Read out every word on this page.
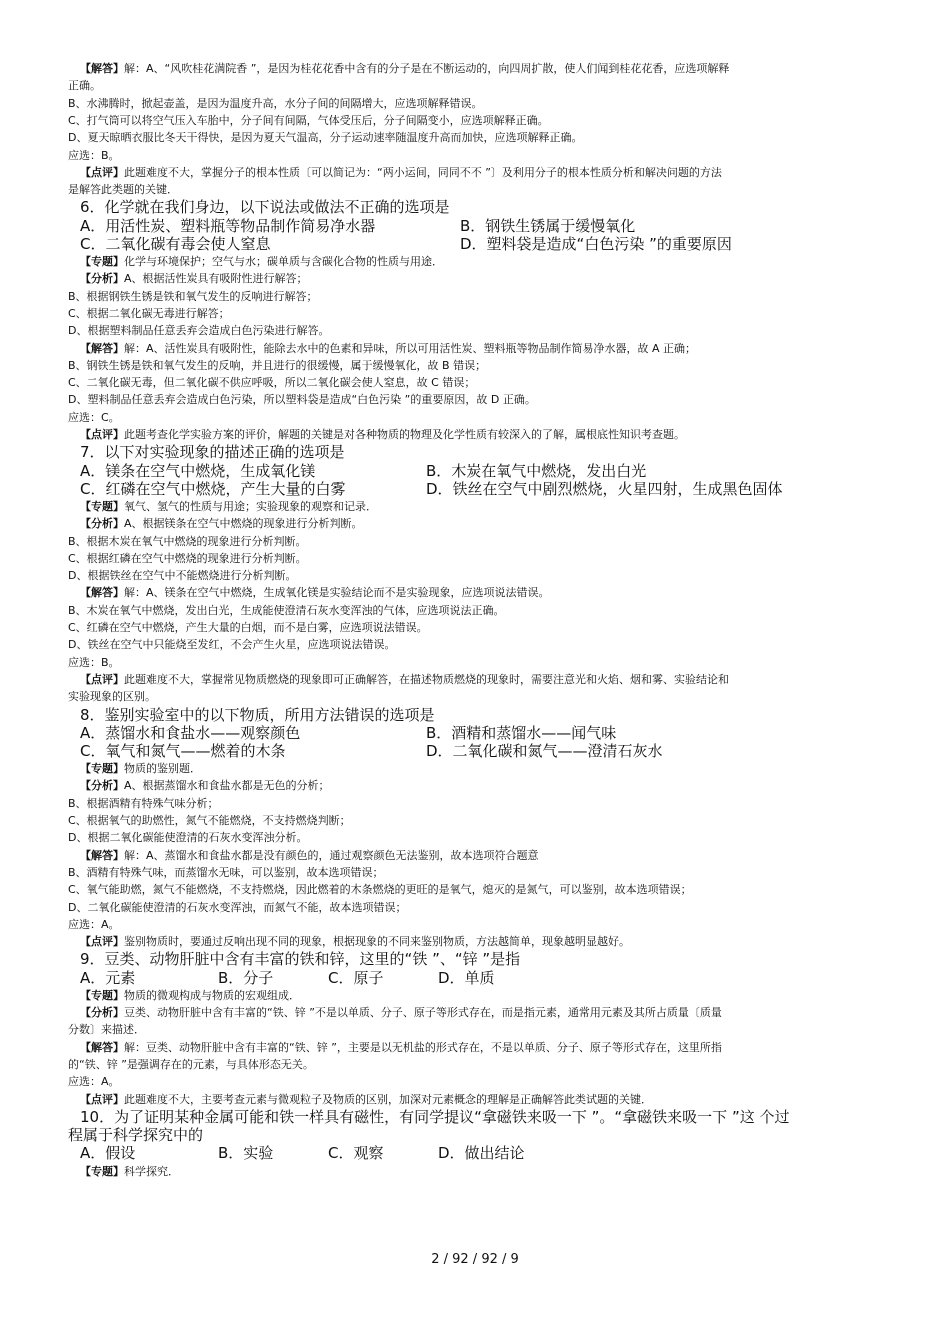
【解答】解：A、“风吹桂花满院香 ”，是因为桂花花香中含有的分子是在不断运动的，向四周扩散，使人们闻到桂花花香，应选项解释
正确。
B、水沸腾时，掀起壶盖，是因为温度升高，水分子间的间隔增大，应选项解释错误。
C、打气筒可以将空气压入车胎中，分子间有间隔，气体受压后，分子间隔变小，应选项解释正确。
D、夏天晾晒衣服比冬天干得快，是因为夏天气温高，分子运动速率随温度升高而加快，应选项解释正确。
应选：B。
【点评】此题难度不大，掌握分子的根本性质〔可以简记为：“两小运间，同同不不 ”〕及利用分子的根本性质分析和解决问题的方法
是解答此类题的关键．
6．化学就在我们身边，以下说法或做法不正确的选项是
A．用活性炭、塑料瓶等物品制作简易净水器	B．钢铁生锈属于缓慢氧化
C．二氧化碳有毒会使人窒息	D．塑料袋是造成“白色污染 ”的重要原因
【专题】化学与环境保护；空气与水；碳单质与含碳化合物的性质与用途．
【分析】A、根据活性炭具有吸附性进行解答；
B、根据钢铁生锈是铁和氧气发生的反响进行解答；
C、根据二氧化碳无毒进行解答；
D、根据塑料制品任意丢弃会造成白色污染进行解答。
【解答】解：A、活性炭具有吸附性，能除去水中的色素和异味，所以可用活性炭、塑料瓶等物品制作简易净水器，故 A 正确；
B、钢铁生锈是铁和氧气发生的反响，并且进行的很缓慢，属于缓慢氧化，故 B 错误；
C、二氧化碳无毒，但二氧化碳不供应呼吸，所以二氧化碳会使人窒息，故 C 错误；
D、塑料制品任意丢弃会造成白色污染，所以塑料袋是造成“白色污染 ”的重要原因，故 D 正确。
应选：C。
【点评】此题考查化学实验方案的评价，解题的关键是对各种物质的物理及化学性质有较深入的了解，属根底性知识考查题。
7．以下对实验现象的描述正确的选项是
A．镁条在空气中燃烧，生成氧化镁	B．木炭在氧气中燃烧，发出白光
C．红磷在空气中燃烧，产生大量的白雾	D．铁丝在空气中剧烈燃烧，火星四射，生成黑色固体
【专题】氧气、氢气的性质与用途；实验现象的观察和记录．
【分析】A、根据镁条在空气中燃烧的现象进行分析判断。
B、根据木炭在氧气中燃烧的现象进行分析判断。
C、根据红磷在空气中燃烧的现象进行分析判断。
D、根据铁丝在空气中不能燃烧进行分析判断。
【解答】解：A、镁条在空气中燃烧，生成氧化镁是实验结论而不是实验现象，应选项说法错误。
B、木炭在氧气中燃烧，发出白光，生成能使澄清石灰水变浑浊的气体，应选项说法正确。
C、红磷在空气中燃烧，产生大量的白烟，而不是白雾，应选项说法错误。
D、铁丝在空气中只能烧至发红，不会产生火星，应选项说法错误。
应选：B。
【点评】此题难度不大，掌握常见物质燃烧的现象即可正确解答，在描述物质燃烧的现象时，需要注意光和火焰、烟和雾、实验结论和
实验现象的区别。
8．鉴别实验室中的以下物质，所用方法错误的选项是
A．蒸馏水和食盐水——观察颜色	B．酒精和蒸馏水——闻气味
C．氧气和氮气——燃着的木条	D．二氧化碳和氮气——澄清石灰水
【专题】物质的鉴别题．
【分析】A、根据蒸馏水和食盐水都是无色的分析；
B、根据酒精有特殊气味分析；
C、根据氧气的助燃性，氮气不能燃烧，不支持燃烧判断；
D、根据二氧化碳能使澄清的石灰水变浑浊分析。
【解答】解：A、蒸馏水和食盐水都是没有颜色的，通过观察颜色无法鉴别，故本选项符合题意
B、酒精有特殊气味，而蒸馏水无味，可以鉴别，故本选项错误；
C、氧气能助燃，氮气不能燃烧，不支持燃烧，因此燃着的木条燃烧的更旺的是氧气，熄灭的是氮气，可以鉴别，故本选项错误；
D、二氧化碳能使澄清的石灰水变浑浊，而氮气不能，故本选项错误；
应选：A。
【点评】鉴别物质时，要通过反响出现不同的现象，根据现象的不同来鉴别物质，方法越简单，现象越明显越好。
9．豆类、动物肝脏中含有丰富的铁和锌，这里的“铁 ”、“锌 ”是指
A．元素	B．分子	C．原子	D．单质
【专题】物质的微观构成与物质的宏观组成．
【分析】豆类、动物肝脏中含有丰富的“铁、锌 ”不是以单质、分子、原子等形式存在，而是指元素，通常用元素及其所占质量〔质量
分数〕来描述．
【解答】解：豆类、动物肝脏中含有丰富的“铁、锌 ”，主要是以无机盐的形式存在，不是以单质、分子、原子等形式存在，这里所指
的“铁、锌 ”是强调存在的元素，与具体形态无关。
应选：A。
【点评】此题难度不大，主要考查元素与微观粒子及物质的区别，加深对元素概念的理解是正确解答此类试题的关键．
10．为了证明某种金属可能和铁一样具有磁性，有同学提议“拿磁铁来吸一下 ”。“拿磁铁来吸一下 ”这 个过
程属于科学探究中的
A．假设	B．实验	C．观察	D．做出结论
【专题】科学探究．
2 / 92 / 92 / 9
